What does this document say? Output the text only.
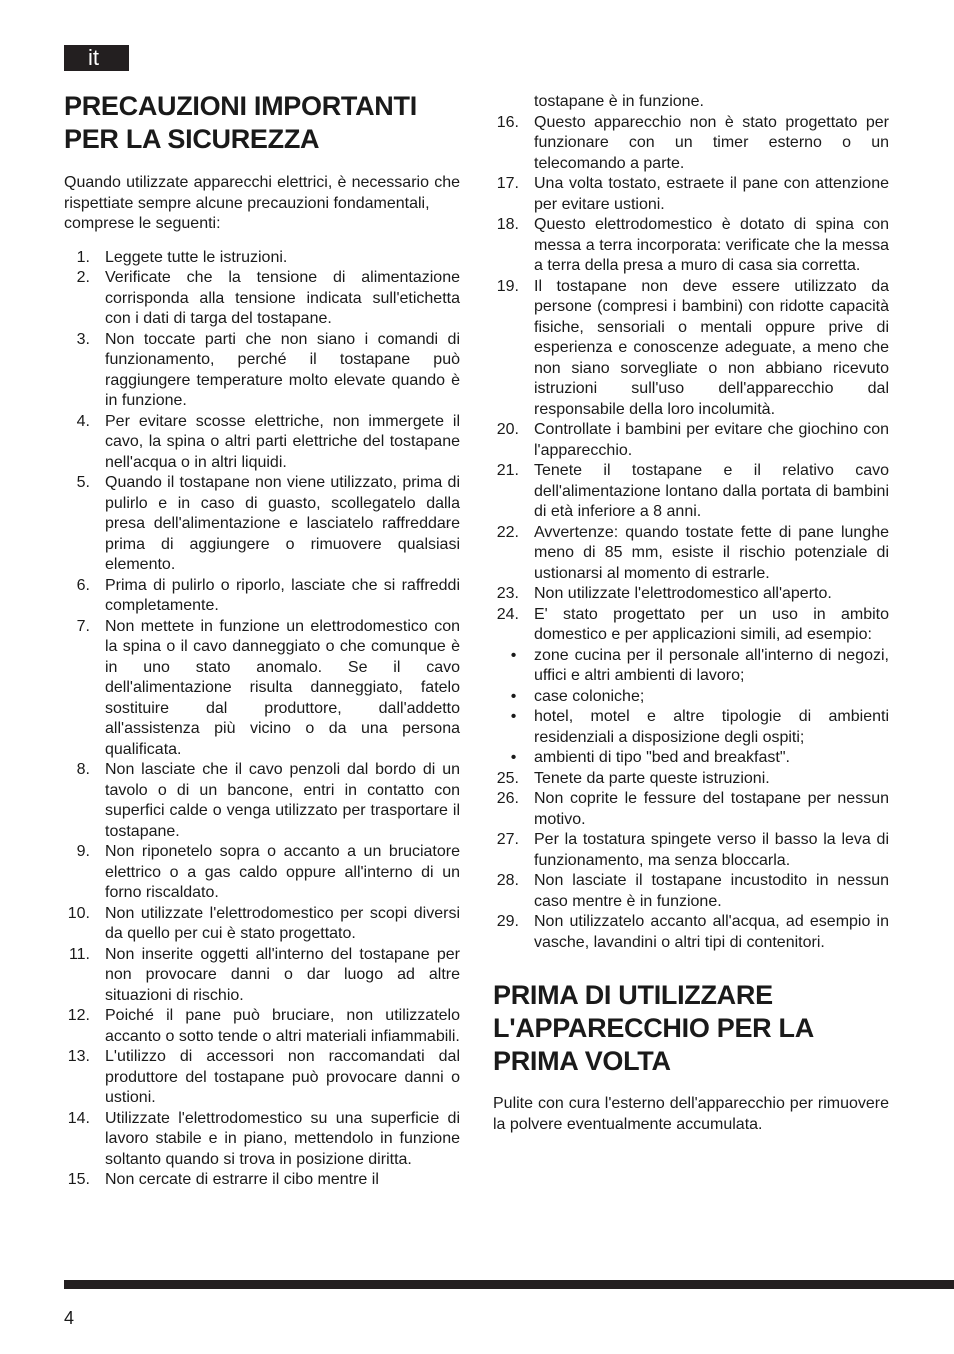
it
PRECAUZIONI IMPORTANTI
PER LA SICUREZZA

Quando utilizzate apparecchi elettrici, è necessario che rispettiate sempre alcune precauzioni fondamentali,

comprese le seguenti:

1. Leggete tutte le istruzioni.
2. Verificate che la tensione di alimentazione corrisponda alla tensione indicata sull'etichetta con i dati di targa del tostapane.
3. Non toccate parti che non siano i comandi di funzionamento, perché il tostapane può raggiungere temperature molto elevate quando è in funzione.
4. Per evitare scosse elettriche, non immergete il cavo, la spina o altri parti elettriche del tostapane nell'acqua o in altri liquidi.
5. Quando il tostapane non viene utilizzato, prima di pulirlo e in caso di guasto, scollegatelo dalla presa dell'alimentazione e lasciatelo raffreddare prima di aggiungere o rimuovere qualsiasi elemento.
6. Prima di pulirlo o riporlo, lasciate che si raffreddi completamente.
7. Non mettete in funzione un elettrodomestico con la spina o il cavo danneggiato o che comunque è in uno stato anomalo. Se il cavo dell'alimentazione risulta danneggiato, fatelo sostituire dal produttore, dall'addetto all'assistenza più vicino o da una persona qualificata.
8. Non lasciate che il cavo penzoli dal bordo di un tavolo o di un bancone, entri in contatto con superfici calde o venga utilizzato per trasportare il tostapane.
9. Non riponetelo sopra o accanto a un bruciatore elettrico o a gas caldo oppure all'interno di un forno riscaldato.
10. Non utilizzate l'elettrodomestico per scopi diversi da quello per cui è stato progettato.
11. Non inserite oggetti all'interno del tostapane per non provocare danni o dar luogo ad altre situazioni di rischio.
12. Poiché il pane può bruciare, non utilizzatelo accanto o sotto tende o altri materiali infiammabili.
13. L'utilizzo di accessori non raccomandati dal produttore del tostapane può provocare danni o ustioni.
14. Utilizzate l'elettrodomestico su una superficie di lavoro stabile e in piano, mettendolo in funzione soltanto quando si trova in posizione diritta.
15. Non cercate di estrarre il cibo mentre il

tostapane è in funzione.

16. Questo apparecchio non è stato progettato per funzionare con un timer esterno o un telecomando a parte.
17. Una volta tostato, estraete il pane con attenzione per evitare ustioni.
18. Questo elettrodomestico è dotato di spina con messa a terra incorporata: verificate che la messa a terra della presa a muro di casa sia corretta.
19. Il tostapane non deve essere utilizzato da persone (compresi i bambini) con ridotte capacità fisiche, sensoriali o mentali oppure prive di esperienza e conoscenze adeguate, a meno che non siano sorvegliate o non abbiano ricevuto istruzioni sull'uso dell'apparecchio dal responsabile della loro incolumità.
20. Controllate i bambini per evitare che giochino con l'apparecchio.
21. Tenete il tostapane e il relativo cavo dell'alimentazione lontano dalla portata di bambini di età inferiore a 8 anni.
22. Avvertenze: quando tostate fette di pane lunghe meno di 85 mm, esiste il rischio potenziale di ustionarsi al momento di estrarle.
23. Non utilizzate l'elettrodomestico all'aperto.
24. E' stato progettato per un uso in ambito domestico e per applicazioni simili, ad esempio:
•	zone cucina per il personale all'interno di negozi, uffici e altri ambienti di lavoro;
•	case coloniche;
•	hotel, motel e altre tipologie di ambienti residenziali a disposizione degli ospiti;
•	ambienti di tipo "bed and breakfast".
25. Tenete da parte queste istruzioni.
26. Non coprite le fessure del tostapane per nessun motivo.
27. Per la tostatura spingete verso il basso la leva di funzionamento, ma senza bloccarla.
28. Non lasciate il tostapane incustodito in nessun caso mentre è in funzione.
29. Non utilizzatelo accanto all'acqua, ad esempio in vasche, lavandini o altri tipi di contenitori.
PRIMA DI UTILIZZARE
L'APPARECCHIO PER LA
PRIMA VOLTA

Pulite con cura l'esterno dell'apparecchio per rimuovere la polvere eventualmente accumulata.

4
